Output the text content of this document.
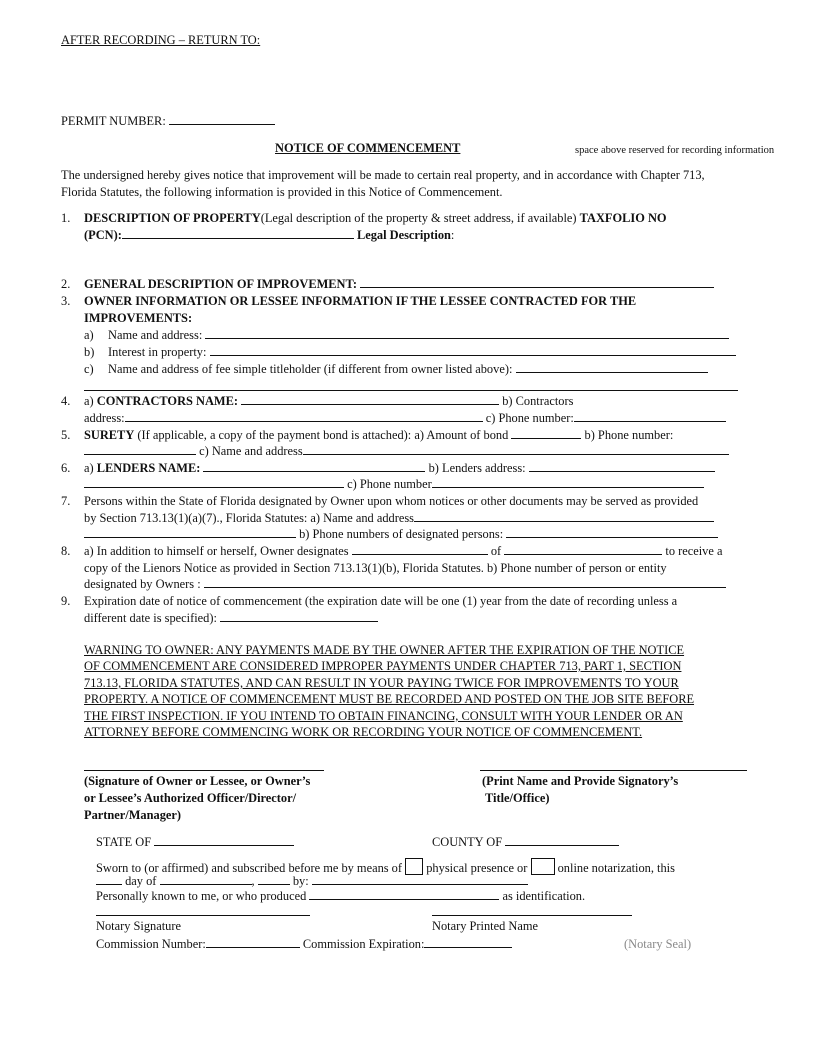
AFTER RECORDING – RETURN TO:
PERMIT NUMBER:
NOTICE OF COMMENCEMENT	space above reserved for recording information
The undersigned hereby gives notice that improvement will be made to certain real property, and in accordance with Chapter 713,
Florida Statutes, the following information is provided in this Notice of Commencement.
1. DESCRIPTION OF PROPERTY(Legal description of the property & street address, if available) TAXFOLIO NO
(PCN):	Legal Description:
2. GENERAL DESCRIPTION OF IMPROVEMENT:
3. OWNER INFORMATION OR LESSEE INFORMATION IF THE LESSEE CONTRACTED FOR THE
IMPROVEMENTS:
a) Name and address:
b) Interest in property:
c) Name and address of fee simple titleholder (if different from owner listed above):
4. a) CONTRACTORS NAME:	b) Contractors
address:	c) Phone number:
5. SURETY (If applicable, a copy of the payment bond is attached): a) Amount of bond	b) Phone number:
c) Name and address
6. a) LENDERS NAME:	b) Lenders address:
c) Phone number
7. Persons within the State of Florida designated by Owner upon whom notices or other documents may be served as provided
by Section 713.13(1)(a)(7)., Florida Statutes: a) Name and address
b) Phone numbers of designated persons:
8. a) In addition to himself or herself, Owner designates	of	to receive a
copy of the Lienors Notice as provided in Section 713.13(1)(b), Florida Statutes. b) Phone number of person or entity
designated by Owners :
9. Expiration date of notice of commencement (the expiration date will be one (1) year from the date of recording unless a
different date is specified):
WARNING TO OWNER: ANY PAYMENTS MADE BY THE OWNER AFTER THE EXPIRATION OF THE NOTICE
OF COMMENCEMENT ARE CONSIDERED IMPROPER PAYMENTS UNDER CHAPTER 713, PART 1, SECTION
713.13, FLORIDA STATUTES, AND CAN RESULT IN YOUR PAYING TWICE FOR IMPROVEMENTS TO YOUR
PROPERTY. A NOTICE OF COMMENCEMENT MUST BE RECORDED AND POSTED ON THE JOB SITE BEFORE
THE FIRST INSPECTION. IF YOU INTEND TO OBTAIN FINANCING, CONSULT WITH YOUR LENDER OR AN
ATTORNEY BEFORE COMMENCING WORK OR RECORDING YOUR NOTICE OF COMMENCEMENT.
(Signature of Owner or Lessee, or Owner’s
or Lessee’s Authorized Officer/Director/
Partner/Manager)
(Print Name and Provide Signatory’s
Title/Office)
STATE OF	COUNTY OF
Sworn to (or affirmed) and subscribed before me by means of physical presence or online notarization, this
day of	,	by:
Personally known to me, or who produced	as identification.
Notary Signature	Notary Printed Name
Commission Number:	Commission Expiration:	(Notary Seal)
